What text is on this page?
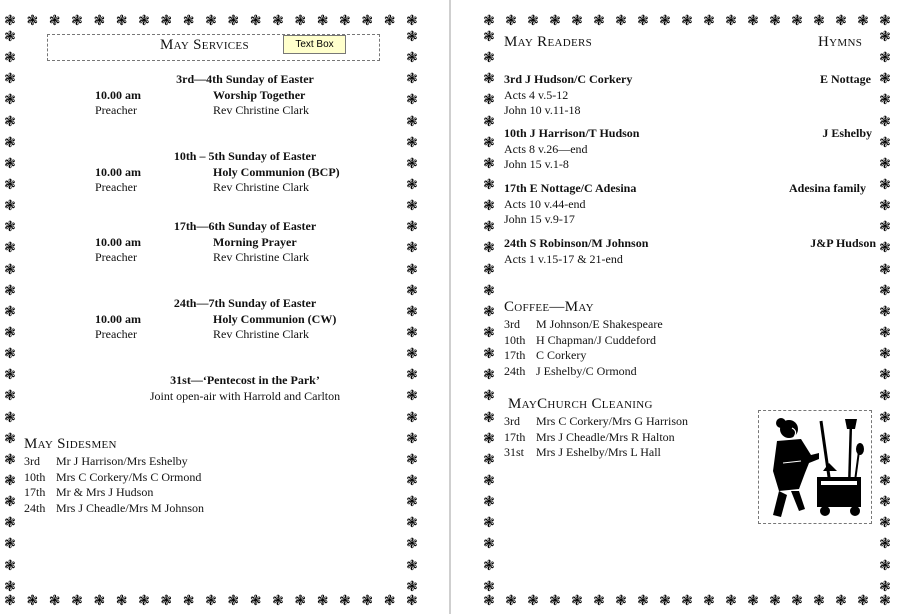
❃ ❃ ❃ ❃ ❃ ❃ ❃ ❃ ❃ ❃ ❃ ❃ ❃ ❃ ❃ ❃ ❃ ❃ ❃
❃ ❃ ❃ ❃ ❃ ❃ ❃ ❃ ❃ ❃ ❃ ❃ ❃ ❃ ❃ ❃ ❃ ❃ ❃
❃
❃
❃
❃
❃
❃
❃
❃
❃
❃
❃
❃
❃
❃
❃
❃
❃
❃
❃
❃
❃
❃
❃
❃
❃
❃
❃
❃
❃
❃
❃
❃
❃
❃
❃
❃
❃
❃
❃
❃
❃
❃
❃
❃
❃
❃
❃
❃
❃
❃
❃
❃
❃
❃
❃ ❃ ❃ ❃ ❃ ❃ ❃ ❃ ❃ ❃ ❃ ❃ ❃ ❃ ❃ ❃ ❃ ❃ ❃
❃ ❃ ❃ ❃ ❃ ❃ ❃ ❃ ❃ ❃ ❃ ❃ ❃ ❃ ❃ ❃ ❃ ❃ ❃
❃
❃
❃
❃
❃
❃
❃
❃
❃
❃
❃
❃
❃
❃
❃
❃
❃
❃
❃
❃
❃
❃
❃
❃
❃
❃
❃
❃
❃
❃
❃
❃
❃
❃
❃
❃
❃
❃
❃
❃
❃
❃
❃
❃
❃
❃
❃
❃
❃
❃
❃
❃
❃
❃
May Services	Text Box
3rd—4th Sunday of Easter
10.00 am	Worship Together
Preacher	Rev Christine Clark
10th – 5th Sunday of Easter
10.00 am	Holy Communion (BCP)
Preacher	Rev Christine Clark
17th—6th Sunday of Easter
10.00 am	Morning Prayer
Preacher	Rev Christine Clark
24th—7th Sunday of Easter
10.00 am	Holy Communion (CW)
Preacher	Rev Christine Clark
31st—‘Pentecost in the Park’
Joint open-air with Harrold and Carlton
May Sidesmen
3rd	Mr J Harrison/Mrs Eshelby
10th Mrs C Corkery/Ms C Ormond
17th Mr & Mrs J Hudson
24th Mrs J Cheadle/Mrs M Johnson
May Readers	Hymns
3rd J Hudson/C Corkery	E Nottage
Acts 4 v.5-12
John 10 v.11-18
10th J Harrison/T Hudson	J Eshelby
Acts 8 v.26—end
John 15 v.1-8
17th E Nottage/C Adesina	Adesina family
Acts 10 v.44-end
John 15 v.9-17
24th S Robinson/M Johnson	J&P Hudson
Acts 1 v.15-17 & 21-end
Coffee—May
3rd	M Johnson/E Shakespeare
10th H Chapman/J Cuddeford
17th C Corkery
24th J Eshelby/C Ormond
MayChurch Cleaning
3rd	Mrs C Corkery/Mrs G Harrison
17th Mrs J Cheadle/Mrs R Halton
31st Mrs J Eshelby/Mrs L Hall
